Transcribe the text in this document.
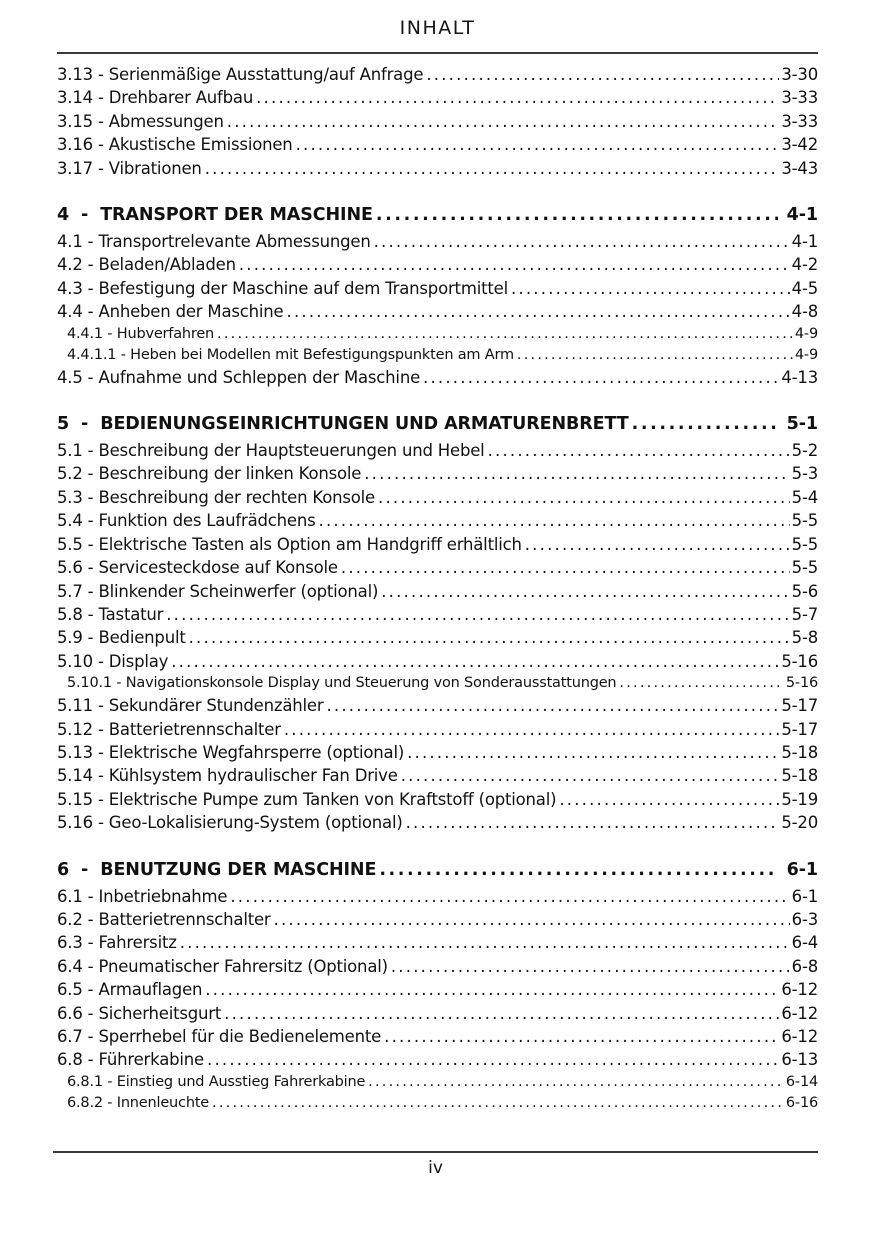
INHALT
3.13 - Serienmäßige Ausstattung/auf Anfrage .....	3-30
3.14 - Drehbarer Aufbau .....	3-33
3.15 - Abmessungen .....	3-33
3.16 - Akustische Emissionen .....	3-42
3.17 - Vibrationen .....	3-43
4  -  TRANSPORT DER MASCHINE .....	4-1
4.1 - Transportrelevante Abmessungen .....	4-1
4.2 - Beladen/Abladen .....	4-2
4.3 - Befestigung der Maschine auf dem Transportmittel .....	4-5
4.4 - Anheben der Maschine .....	4-8
4.4.1 - Hubverfahren .....	4-9
4.4.1.1 - Heben bei Modellen mit Befestigungspunkten am Arm .....	4-9
4.5 - Aufnahme und Schleppen der Maschine .....	4-13
5  -  BEDIENUNGSEINRICHTUNGEN UND ARMATURENBRETT .....	5-1
5.1 - Beschreibung der Hauptsteuerungen und Hebel .....	5-2
5.2 - Beschreibung der linken Konsole .....	5-3
5.3 - Beschreibung der rechten Konsole .....	5-4
5.4 - Funktion des Laufrädchens .....	5-5
5.5 - Elektrische Tasten als Option am Handgriff erhältlich .....	5-5
5.6 - Servicesteckdose auf Konsole .....	5-5
5.7 - Blinkender Scheinwerfer (optional) .....	5-6
5.8 - Tastatur .....	5-7
5.9 - Bedienpult .....	5-8
5.10 - Display .....	5-16
5.10.1 - Navigationskonsole Display und Steuerung von Sonderausstattungen .....	5-16
5.11 - Sekundärer Stundenzähler .....	5-17
5.12 - Batterietrennschalter .....	5-17
5.13 - Elektrische Wegfahrsperre (optional) .....	5-18
5.14 - Kühlsystem hydraulischer Fan Drive .....	5-18
5.15 - Elektrische Pumpe zum Tanken von Kraftstoff (optional) .....	5-19
5.16 - Geo-Lokalisierung-System (optional) .....	5-20
6  -  BENUTZUNG DER MASCHINE .....	6-1
6.1 - Inbetriebnahme .....	6-1
6.2 - Batterietrennschalter .....	6-3
6.3 - Fahrersitz .....	6-4
6.4 - Pneumatischer Fahrersitz (Optional) .....	6-8
6.5 - Armauflagen .....	6-12
6.6 - Sicherheitsgurt .....	6-12
6.7 - Sperrhebel für die Bedienelemente .....	6-12
6.8 - Führerkabine .....	6-13
6.8.1 - Einstieg und Ausstieg Fahrerkabine .....	6-14
6.8.2 - Innenleuchte .....	6-16
iv
